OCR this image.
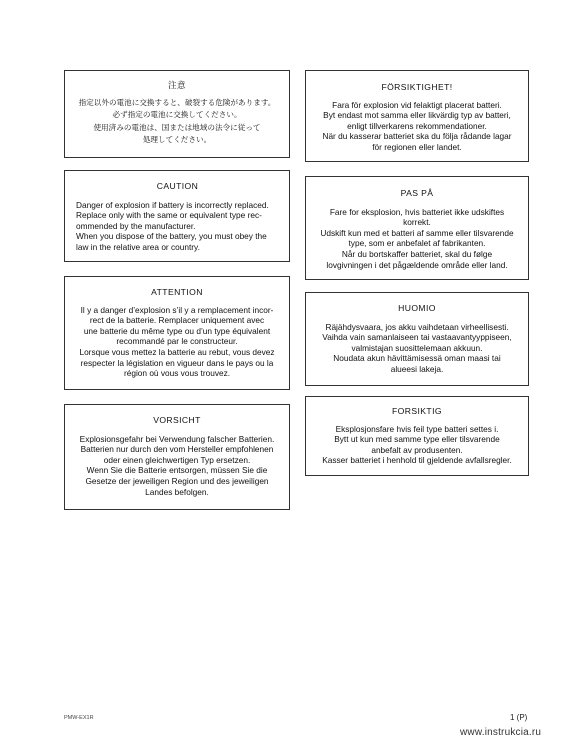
注意
指定以外の電池に交換すると、破裂する危険があります。
必ず指定の電池に交換してください。
使用済みの電池は、国または地域の法令に従って
処理してください。
FÖRSIKTIGHET!
Fara för explosion vid felaktigt placerat batteri.
Byt endast mot samma eller likvärdig typ av batteri,
enligt tillverkarens rekommendationer.
När du kasserar batteriet ska du följa rådande lagar
för regionen eller landet.
CAUTION
Danger of explosion if battery is incorrectly replaced.
Replace only with the same or equivalent type rec-
ommended by the manufacturer.
When you dispose of the battery, you must obey the
law in the relative area or country.
PAS PÅ
Fare for eksplosion, hvis batteriet ikke udskiftes
korrekt.
Udskift kun med et batteri af samme eller tilsvarende
type, som er anbefalet af fabrikanten.
Når du bortskaffer batteriet, skal du følge
lovgivningen i det pågældende område eller land.
ATTENTION
Il y a danger d’explosion s’il y a remplacement incor-
rect de la batterie. Remplacer uniquement avec
une batterie du même type ou d’un type équivalent
recommandé par le constructeur.
Lorsque vous mettez la batterie au rebut, vous devez
respecter la législation en vigueur dans le pays ou la
région où vous vous trouvez.
HUOMIO
Räjähdysvaara, jos akku vaihdetaan virheellisesti.
Vaihda vain samanlaiseen tai vastaavantyyppiseen,
valmistajan suosittelemaan akkuun.
Noudata akun hävittämisessä oman maasi tai
alueesi lakeja.
VORSICHT
Explosionsgefahr bei Verwendung falscher Batterien.
Batterien nur durch den vom Hersteller empfohlenen
oder einen gleichwertigen Typ ersetzen.
Wenn Sie die Batterie entsorgen, müssen Sie die
Gesetze der jeweiligen Region und des jeweiligen
Landes befolgen.
FORSIKTIG
Eksplosjonsfare hvis feil type batteri settes i.
Bytt ut kun med samme type eller tilsvarende
anbefalt av produsenten.
Kasser batteriet i henhold til gjeldende avfallsregler.
PMW-EX1R	1 (P)
www.instrukcia.ru
